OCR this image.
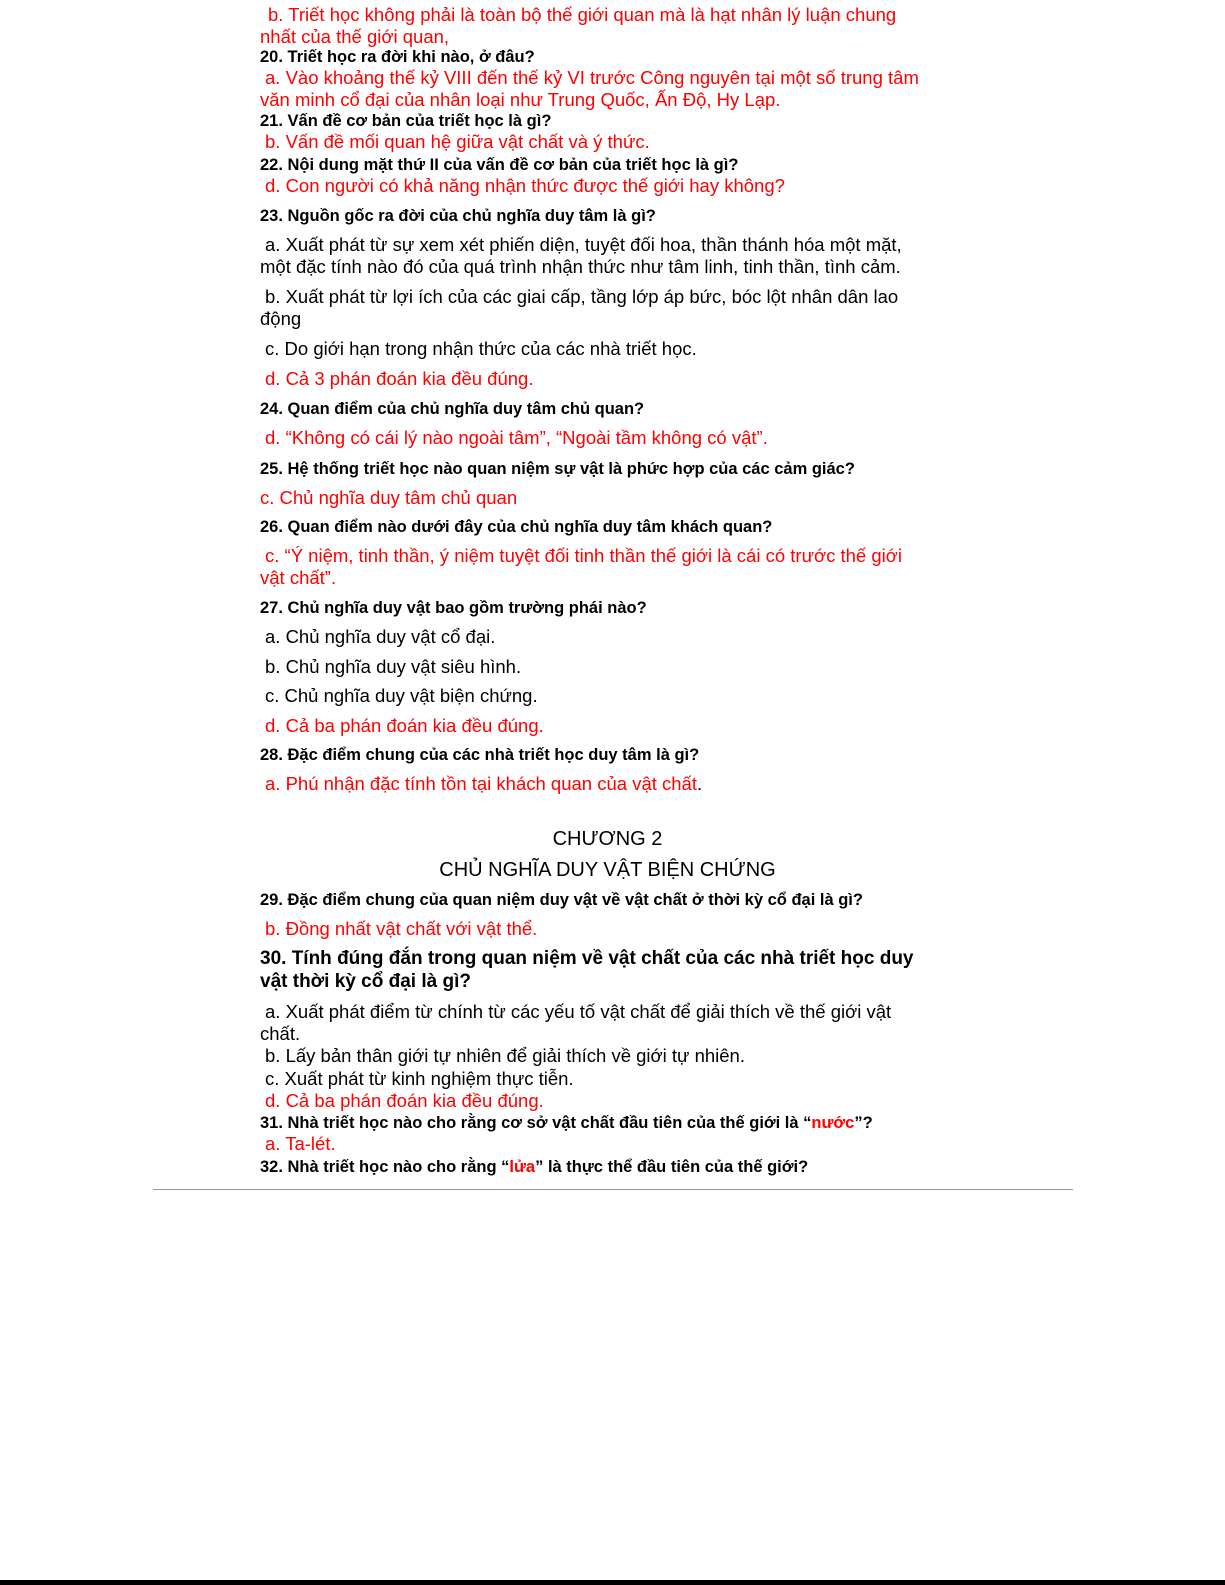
b. Triết học không phải là toàn bộ thế giới quan mà là hạt nhân lý luận chung
nhất của thế giới quan,
20. Triết học ra đời khi nào, ở đâu?
a. Vào khoảng thế kỷ VIII đến thế kỷ VI trước Công nguyên tại một số trung tâm
văn minh cổ đại của nhân loại như Trung Quốc, Ấn Độ, Hy Lạp.
21. Vấn đề cơ bản của triết học là gì?
b. Vấn đề mối quan hệ giữa vật chất và ý thức.
22. Nội dung mặt thứ II của vấn đề cơ bản của triết học là gì?
d. Con người có khả năng nhận thức được thế giới hay không?
23. Nguồn gốc ra đời của chủ nghĩa duy tâm là gì?
a. Xuất phát từ sự xem xét phiến diện, tuyệt đối hoa, thần thánh hóa một mặt,
một đặc tính nào đó của quá trình nhận thức như tâm linh, tinh thần, tình cảm.
b. Xuất phát từ lợi ích của các giai cấp, tầng lớp áp bức, bóc lột nhân dân lao
động
c. Do giới hạn trong nhận thức của các nhà triết học.
d. Cả 3 phán đoán kia đều đúng.
24. Quan điểm của chủ nghĩa duy tâm chủ quan?
d. “Không có cái lý nào ngoài tâm”, “Ngoài tầm không có vật”.
25. Hệ thống triết học nào quan niệm sự vật là phức hợp của các cảm giác?
c. Chủ nghĩa duy tâm chủ quan
26. Quan điểm nào dưới đây của chủ nghĩa duy tâm khách quan?
c. “Ý niệm, tinh thần, ý niệm tuyệt đối tinh thần thế giới là cái có trước thế giới
vật chất”.
27. Chủ nghĩa duy vật bao gồm trường phái nào?
a. Chủ nghĩa duy vật cổ đại.
b. Chủ nghĩa duy vật siêu hình.
c. Chủ nghĩa duy vật biện chứng.
d. Cả ba phán đoán kia đều đúng.
28. Đặc điểm chung của các nhà triết học duy tâm là gì?
a. Phú nhận đặc tính tồn tại khách quan của vật chất.
CHƯƠNG 2
CHỦ NGHĨA DUY VẬT BIỆN CHỨNG
29. Đặc điểm chung của quan niệm duy vật về vật chất ở thời kỳ cổ đại là gì?
b. Đồng nhất vật chất với vật thể.
30. Tính đúng đắn trong quan niệm về vật chất của các nhà triết học duy
vật thời kỳ cổ đại là gì?
a. Xuất phát điểm từ chính từ các yếu tố vật chất để giải thích về thế giới vật
chất.
b. Lấy bản thân giới tự nhiên để giải thích về giới tự nhiên.
c. Xuất phát từ kinh nghiệm thực tiễn.
d. Cả ba phán đoán kia đều đúng.
31. Nhà triết học nào cho rằng cơ sở vật chất đầu tiên của thế giới là “nước”?
a. Ta-lét.
32. Nhà triết học nào cho rằng “lửa” là thực thể đầu tiên của thế giới?
